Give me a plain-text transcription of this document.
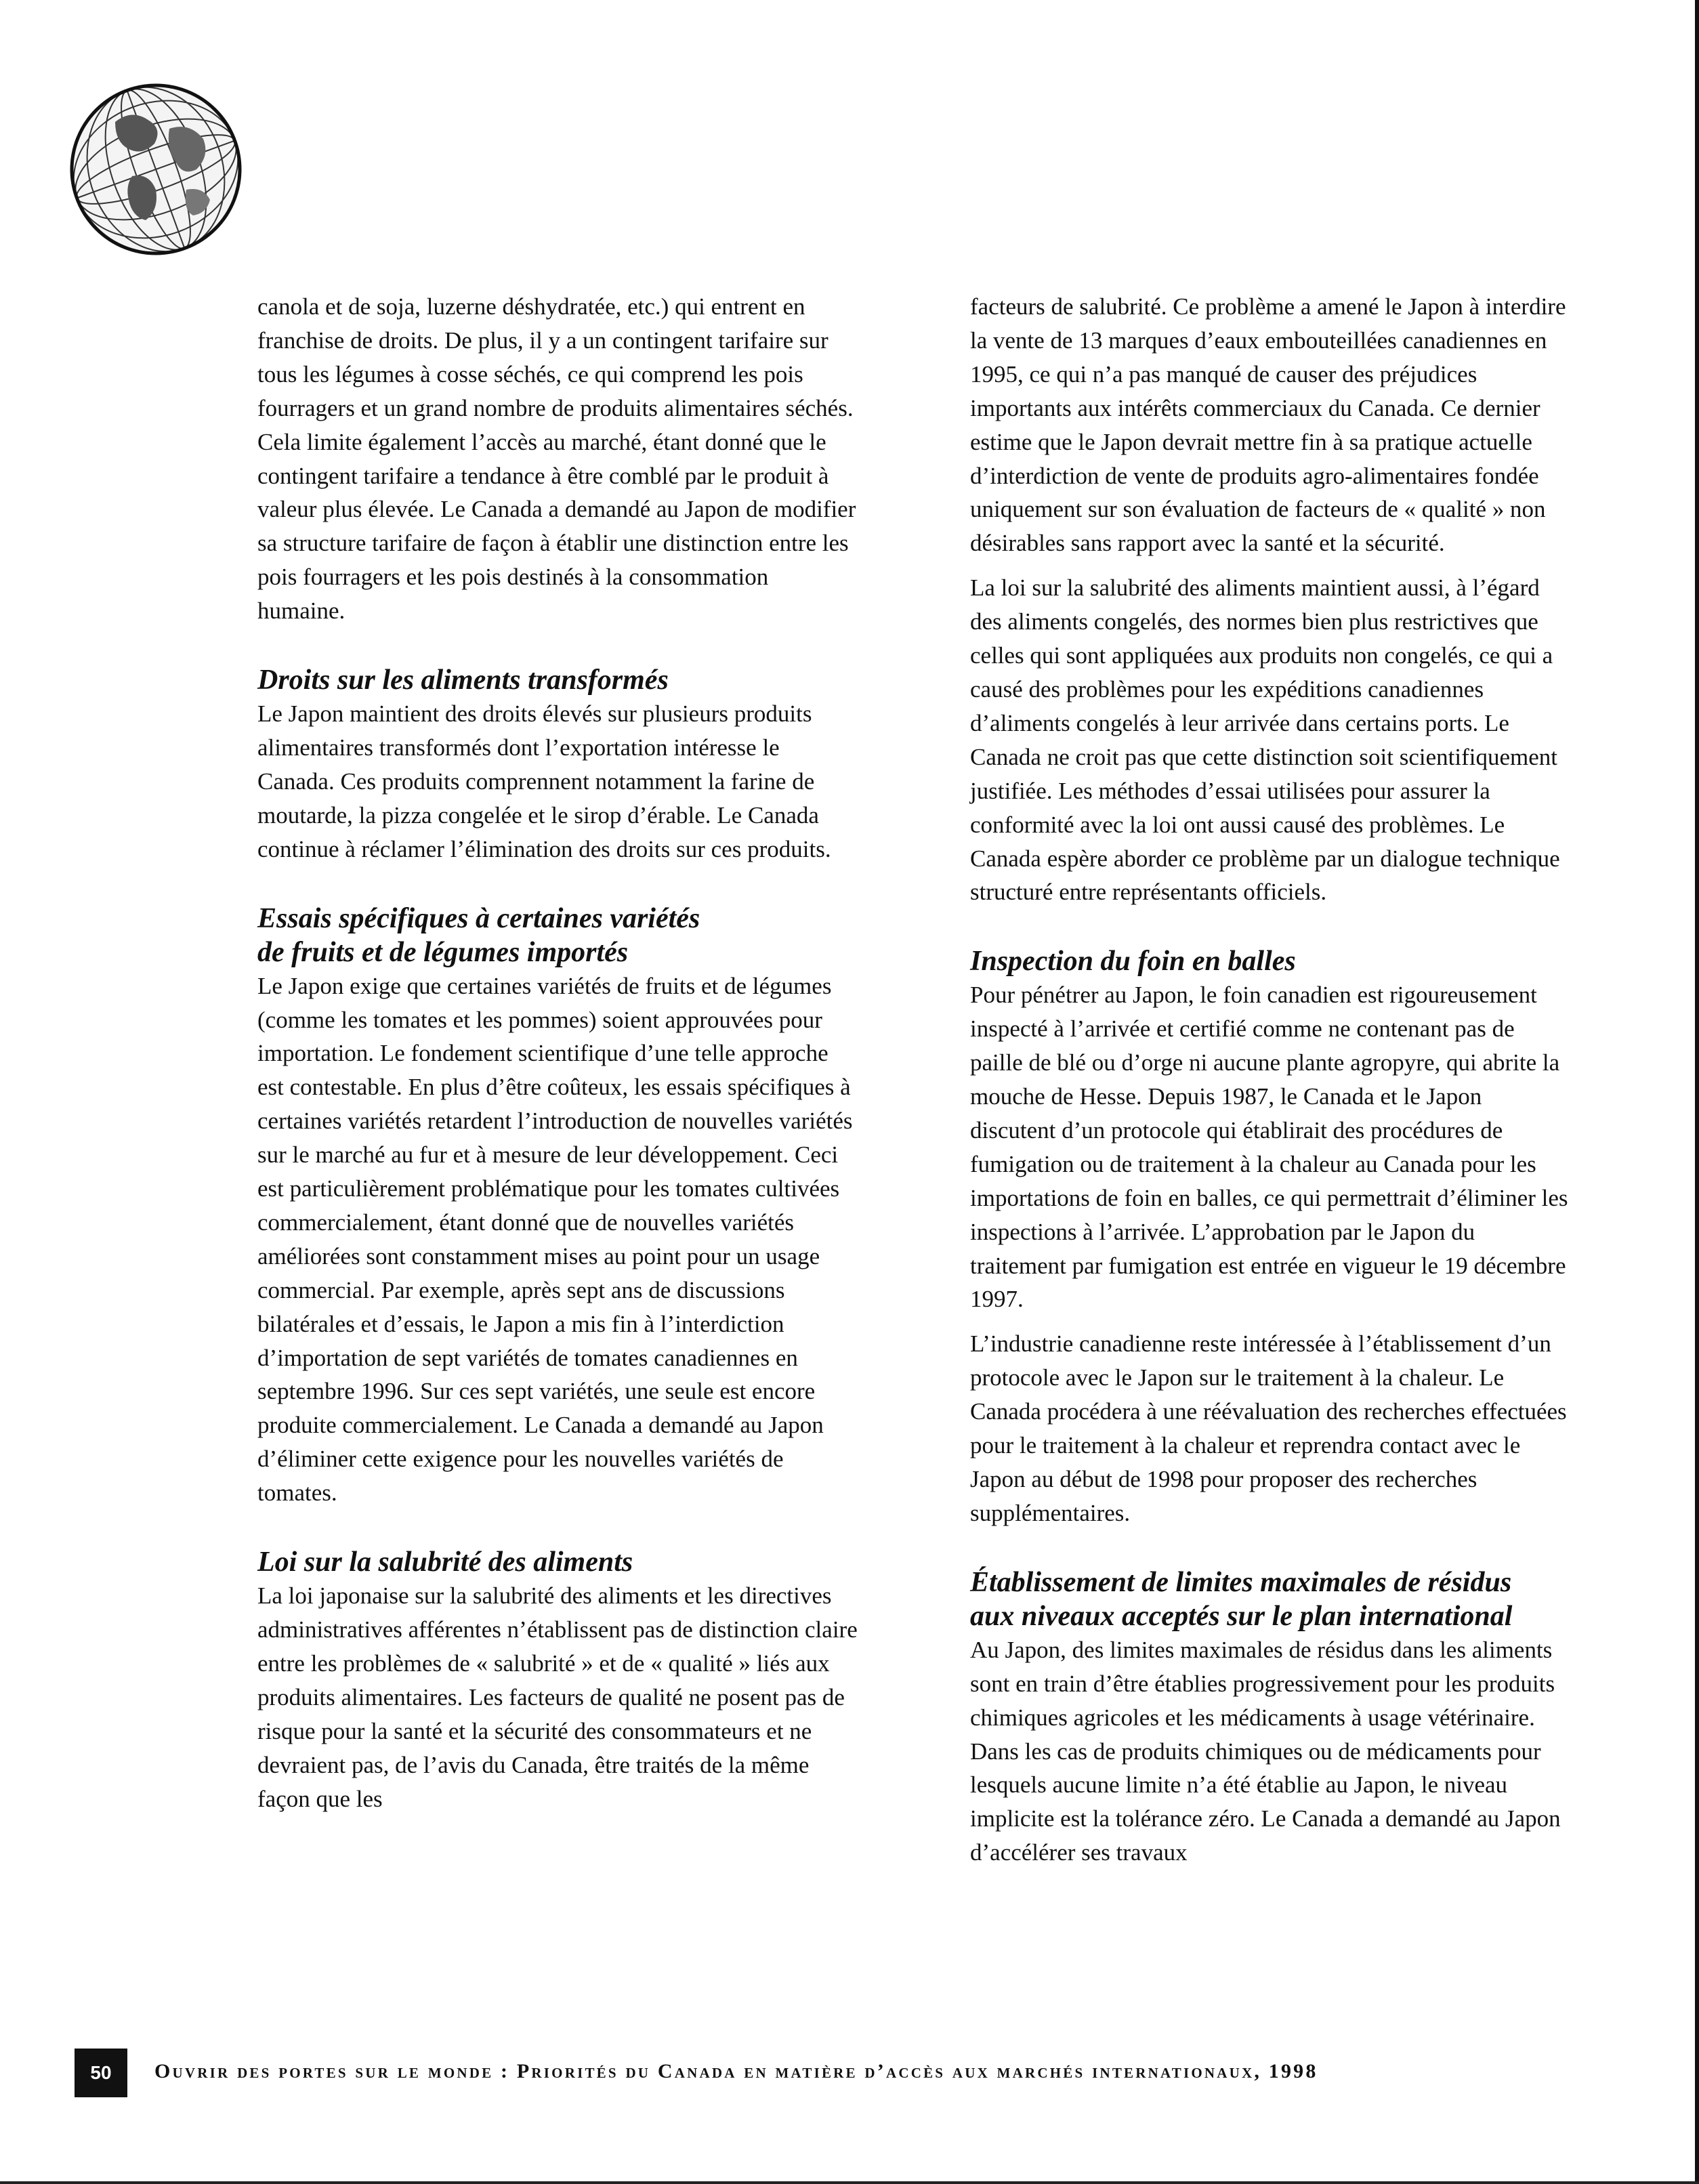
canola et de soja, luzerne déshydratée, etc.) qui entrent en franchise de droits. De plus, il y a un contingent tarifaire sur tous les légumes à cosse séchés, ce qui comprend les pois fourragers et un grand nombre de produits alimentaires séchés. Cela limite également l’accès au marché, étant donné que le contingent tarifaire a tendance à être comblé par le produit à valeur plus élevée. Le Canada a demandé au Japon de modifier sa structure tarifaire de façon à établir une distinction entre les pois fourragers et les pois destinés à la consommation humaine.

Droits sur les aliments transformés

Le Japon maintient des droits élevés sur plusieurs produits alimentaires transformés dont l’exportation intéresse le Canada. Ces produits comprennent notamment la farine de moutarde, la pizza congelée et le sirop d’érable. Le Canada continue à réclamer l’élimination des droits sur ces produits.

Essais spécifiques à certaines variétés
de fruits et de légumes importés

Le Japon exige que certaines variétés de fruits et de légumes (comme les tomates et les pommes) soient approuvées pour importation. Le fondement scientifique d’une telle approche est contestable. En plus d’être coûteux, les essais spécifiques à certaines variétés retardent l’introduction de nouvelles variétés sur le marché au fur et à mesure de leur développement. Ceci est particulièrement problématique pour les tomates cultivées commercialement, étant donné que de nouvelles variétés améliorées sont constamment mises au point pour un usage commercial. Par exemple, après sept ans de discussions bilatérales et d’essais, le Japon a mis fin à l’interdiction d’importation de sept variétés de tomates canadiennes en septembre 1996. Sur ces sept variétés, une seule est encore produite commercialement. Le Canada a demandé au Japon d’éliminer cette exigence pour les nouvelles variétés de tomates.

Loi sur la salubrité des aliments

La loi japonaise sur la salubrité des aliments et les directives administratives afférentes n’établissent pas de distinction claire entre les problèmes de « salubrité » et de « qualité » liés aux produits alimentaires. Les facteurs de qualité ne posent pas de risque pour la santé et la sécurité des consommateurs et ne devraient pas, de l’avis du Canada, être traités de la même façon que les

facteurs de salubrité. Ce problème a amené le Japon à interdire la vente de 13 marques d’eaux embouteillées canadiennes en 1995, ce qui n’a pas manqué de causer des préjudices importants aux intérêts commerciaux du Canada. Ce dernier estime que le Japon devrait mettre fin à sa pratique actuelle d’interdiction de vente de produits agro-alimentaires fondée uniquement sur son évaluation de facteurs de « qualité » non désirables sans rapport avec la santé et la sécurité.

La loi sur la salubrité des aliments maintient aussi, à l’égard des aliments congelés, des normes bien plus restrictives que celles qui sont appliquées aux produits non congelés, ce qui a causé des problèmes pour les expéditions canadiennes d’aliments congelés à leur arrivée dans certains ports. Le Canada ne croit pas que cette distinction soit scientifiquement justifiée. Les méthodes d’essai utilisées pour assurer la conformité avec la loi ont aussi causé des problèmes. Le Canada espère aborder ce problème par un dialogue technique structuré entre représentants officiels.

Inspection du foin en balles

Pour pénétrer au Japon, le foin canadien est rigoureusement inspecté à l’arrivée et certifié comme ne contenant pas de paille de blé ou d’orge ni aucune plante agropyre, qui abrite la mouche de Hesse. Depuis 1987, le Canada et le Japon discutent d’un protocole qui établirait des procédures de fumigation ou de traitement à la chaleur au Canada pour les importations de foin en balles, ce qui permettrait d’éliminer les inspections à l’arrivée. L’approbation par le Japon du traitement par fumigation est entrée en vigueur le 19 décembre 1997.

L’industrie canadienne reste intéressée à l’établissement d’un protocole avec le Japon sur le traitement à la chaleur. Le Canada procédera à une réévaluation des recherches effectuées pour le traitement à la chaleur et reprendra contact avec le Japon au début de 1998 pour proposer des recherches supplémentaires.

Établissement de limites maximales de résidus
aux niveaux acceptés sur le plan international

Au Japon, des limites maximales de résidus dans les aliments sont en train d’être établies progressivement pour les produits chimiques agricoles et les médicaments à usage vétérinaire. Dans les cas de produits chimiques ou de médicaments pour lesquels aucune limite n’a été établie au Japon, le niveau implicite est la tolérance zéro. Le Canada a demandé au Japon d’accélérer ses travaux

50	Ouvrir des portes sur le monde : Priorités du Canada en matière d’accès aux marchés internationaux, 1998
